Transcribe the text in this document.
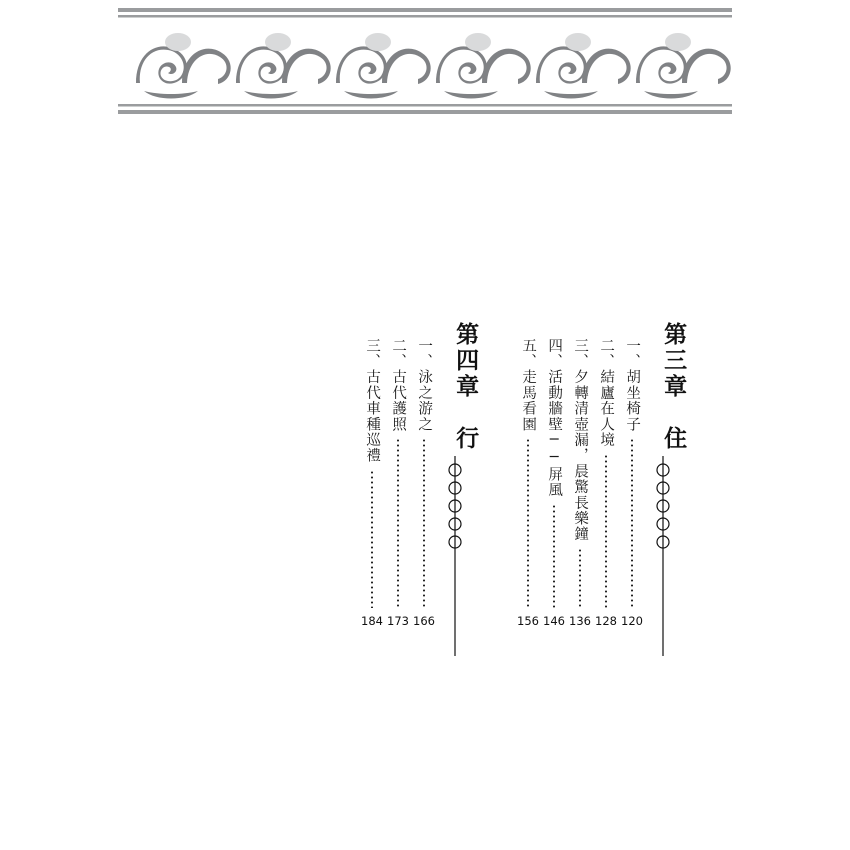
第三章　住
一、胡坐椅子
120
二、結廬在人境
128
三、夕轉清壺漏，晨驚長樂鐘
136
四、活動牆壁──屏風
146
五、走馬看園
156
第四章　行
一、泳之游之
166
二、古代護照
173
三、古代車種巡禮
184
